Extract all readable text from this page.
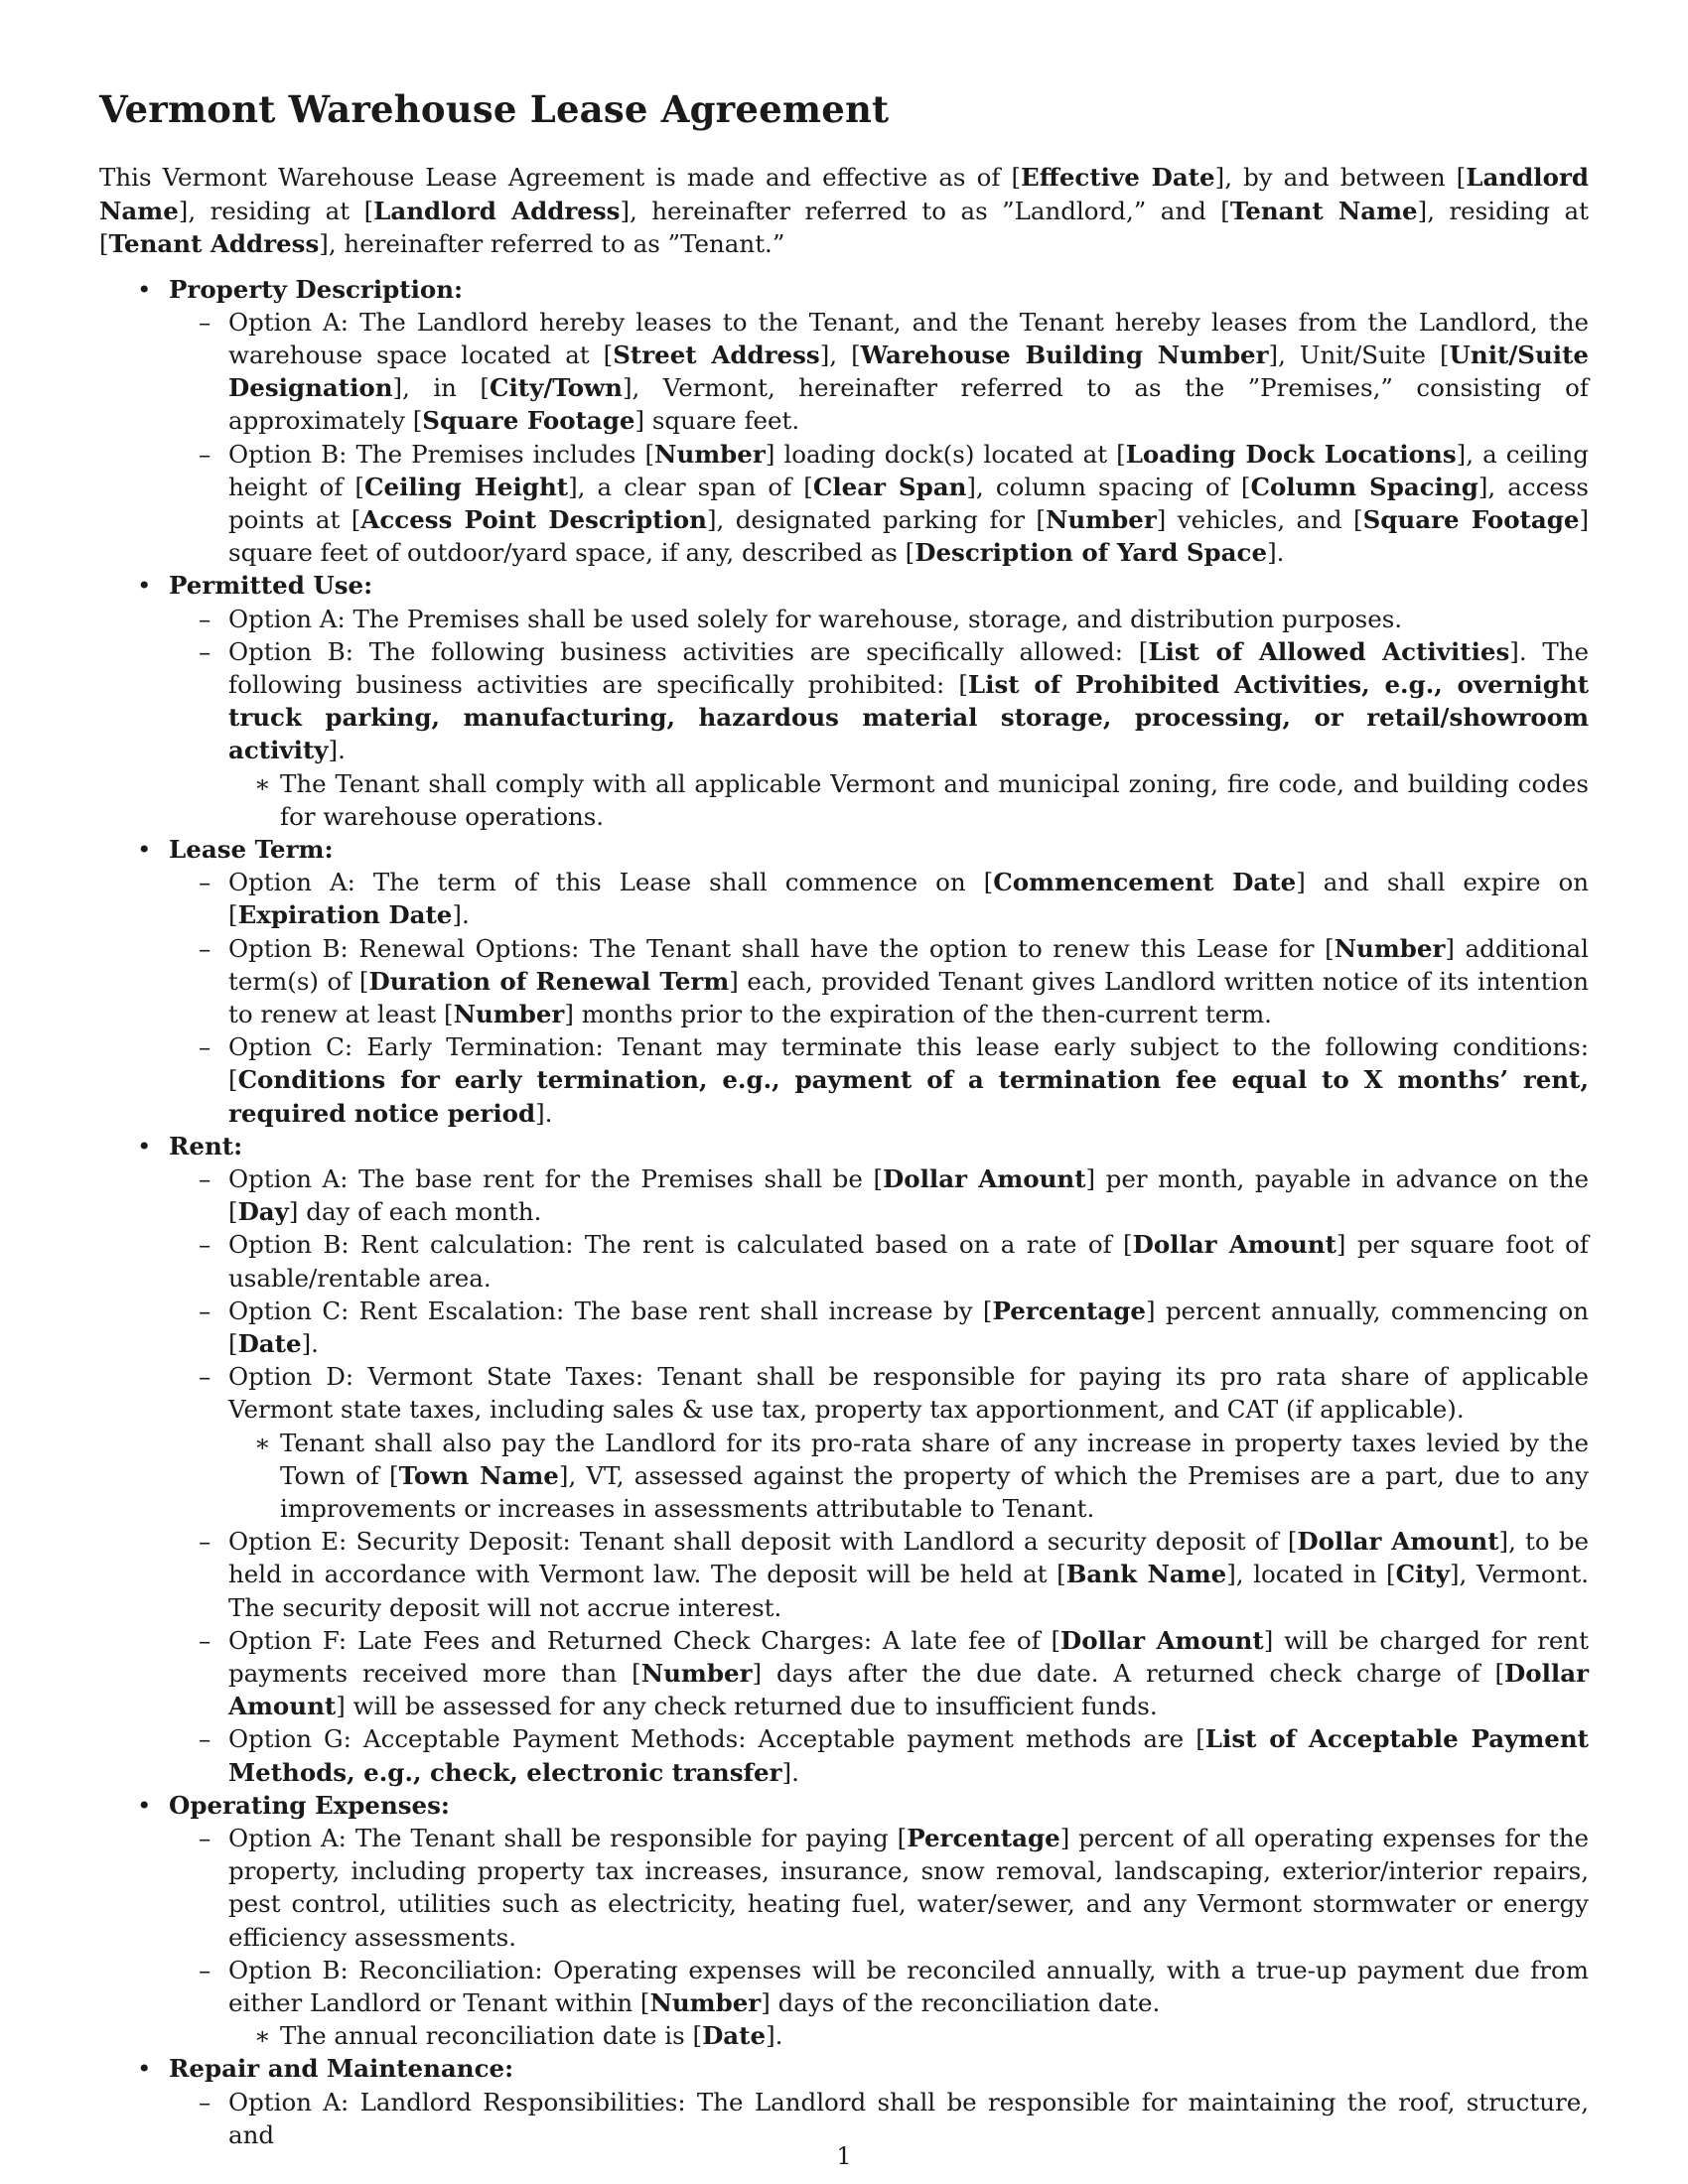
Vermont Warehouse Lease Agreement

This Vermont Warehouse Lease Agreement is made and effective as of [Effective Date], by and between [Landlord Name], residing at [Landlord Address], hereinafter referred to as ”Landlord,” and [Tenant Name], residing at [Tenant Address], hereinafter referred to as ”Tenant.”

• Property Description:
– Option A: The Landlord hereby leases to the Tenant, and the Tenant hereby leases from the Landlord, the warehouse space located at [Street Address], [Warehouse Building Number], Unit/Suite [Unit/Suite Designation], in [City/Town], Vermont, hereinafter referred to as the ”Premises,” consisting of approximately [Square Footage] square feet.
– Option B: The Premises includes [Number] loading dock(s) located at [Loading Dock Locations], a ceiling height of [Ceiling Height], a clear span of [Clear Span], column spacing of [Column Spacing], access points at [Access Point Description], designated parking for [Number] vehicles, and [Square Footage] square feet of outdoor/yard space, if any, described as [Description of Yard Space].
• Permitted Use:
– Option A: The Premises shall be used solely for warehouse, storage, and distribution purposes.
– Option B: The following business activities are specifically allowed: [List of Allowed Activities]. The following business activities are specifically prohibited: [List of Prohibited Activities, e.g., overnight truck parking, manufacturing, hazardous material storage, processing, or retail/showroom activity].
∗ The Tenant shall comply with all applicable Vermont and municipal zoning, fire code, and building codes for warehouse operations.
• Lease Term:
– Option A: The term of this Lease shall commence on [Commencement Date] and shall expire on [Expiration Date].
– Option B: Renewal Options: The Tenant shall have the option to renew this Lease for [Number] additional term(s) of [Duration of Renewal Term] each, provided Tenant gives Landlord written notice of its intention to renew at least [Number] months prior to the expiration of the then-current term.
– Option C: Early Termination: Tenant may terminate this lease early subject to the following conditions: [Conditions for early termination, e.g., payment of a termination fee equal to X months’ rent, required notice period].
• Rent:
– Option A: The base rent for the Premises shall be [Dollar Amount] per month, payable in advance on the [Day] day of each month.
– Option B: Rent calculation: The rent is calculated based on a rate of [Dollar Amount] per square foot of usable/rentable area.
– Option C: Rent Escalation: The base rent shall increase by [Percentage] percent annually, commencing on [Date].
– Option D: Vermont State Taxes: Tenant shall be responsible for paying its pro rata share of applicable Vermont state taxes, including sales & use tax, property tax apportionment, and CAT (if applicable).
∗ Tenant shall also pay the Landlord for its pro-rata share of any increase in property taxes levied by the Town of [Town Name], VT, assessed against the property of which the Premises are a part, due to any improvements or increases in assessments attributable to Tenant.
– Option E: Security Deposit: Tenant shall deposit with Landlord a security deposit of [Dollar Amount], to be held in accordance with Vermont law. The deposit will be held at [Bank Name], located in [City], Vermont. The security deposit will not accrue interest.
– Option F: Late Fees and Returned Check Charges: A late fee of [Dollar Amount] will be charged for rent payments received more than [Number] days after the due date. A returned check charge of [Dollar Amount] will be assessed for any check returned due to insufficient funds.
– Option G: Acceptable Payment Methods: Acceptable payment methods are [List of Acceptable Payment Methods, e.g., check, electronic transfer].
• Operating Expenses:
– Option A: The Tenant shall be responsible for paying [Percentage] percent of all operating expenses for the property, including property tax increases, insurance, snow removal, landscaping, exterior/interior repairs, pest control, utilities such as electricity, heating fuel, water/sewer, and any Vermont stormwater or energy efficiency assessments.
– Option B: Reconciliation: Operating expenses will be reconciled annually, with a true-up payment due from either Landlord or Tenant within [Number] days of the reconciliation date.
∗ The annual reconciliation date is [Date].
• Repair and Maintenance:
– Option A: Landlord Responsibilities: The Landlord shall be responsible for maintaining the roof, structure, and
1
